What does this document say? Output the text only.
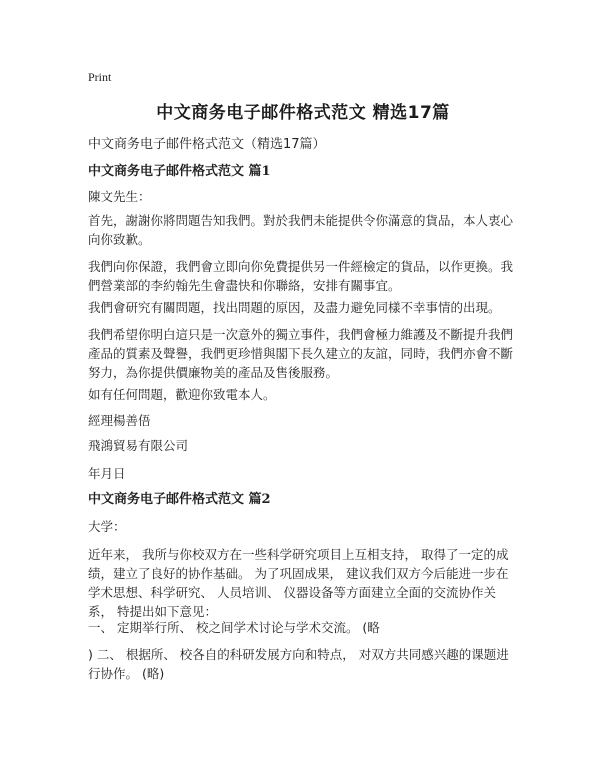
Print
中文商务电子邮件格式范文 精选17篇
中文商务电子邮件格式范文（精选17篇）
中文商务电子邮件格式范文 篇1
陳文先生：
首先，謝謝你將問題告知我們。對於我們未能提供令你滿意的貨品，本人衷心向你致歉。
我們向你保證，我們會立即向你免費提供另一件經檢定的貨品，以作更換。我們營業部的李約翰先生會盡快和你聯絡，安排有關事宜。
我們會研究有關問題，找出問題的原因，及盡力避免同樣不幸事情的出現。
我們希望你明白這只是一次意外的獨立事件，我們會極力維護及不斷提升我們產品的質素及聲譽，我們更珍惜與閣下長久建立的友誼，同時，我們亦會不斷努力，為你提供價廉物美的產品及售後服務。
如有任何問題，歡迎你致電本人。
經理楊善俉
飛鴻貿易有限公司
年月日
中文商务电子邮件格式范文 篇2
大学：
近年来， 我所与你校双方在一些科学研究项目上互相支持， 取得了一定的成绩，建立了良好的协作基础。 为了巩固成果， 建议我们双方今后能进一步在学术思想、科学研究、 人员培训、 仪器设备等方面建立全面的交流协作关系， 特提出如下意见：
一、 定期举行所、 校之间学术讨论与学术交流。 (略
) 二、 根据所、 校各自的科研发展方向和特点， 对双方共同感兴趣的课题进行协作。 (略)
